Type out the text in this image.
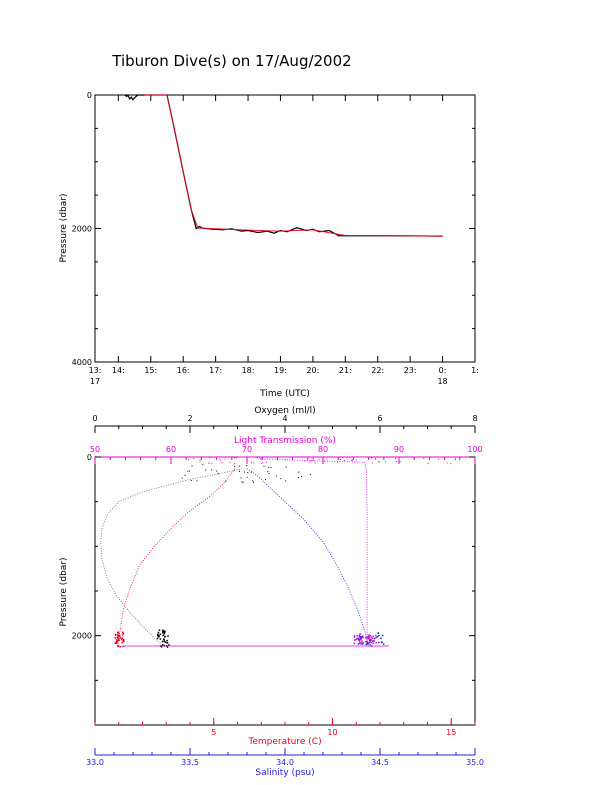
Tiburon Dive(s) on 17/Aug/2002
13:
17
14: 15: 16: 17: 18: 19: 20: 21: 22: 23:	0:
18
1:
0
2000
4000
Time (UTC)
Pressure (dbar)
0	2	4	6	8
Oxygen (ml/l)
50	60	70	80	90	100
Light Transmission (%)
5	10	15
Temperature (C)
33.0	33.5	34.0	34.5	35.0
Salinity (psu)
0
2000
Pressure (dbar)
